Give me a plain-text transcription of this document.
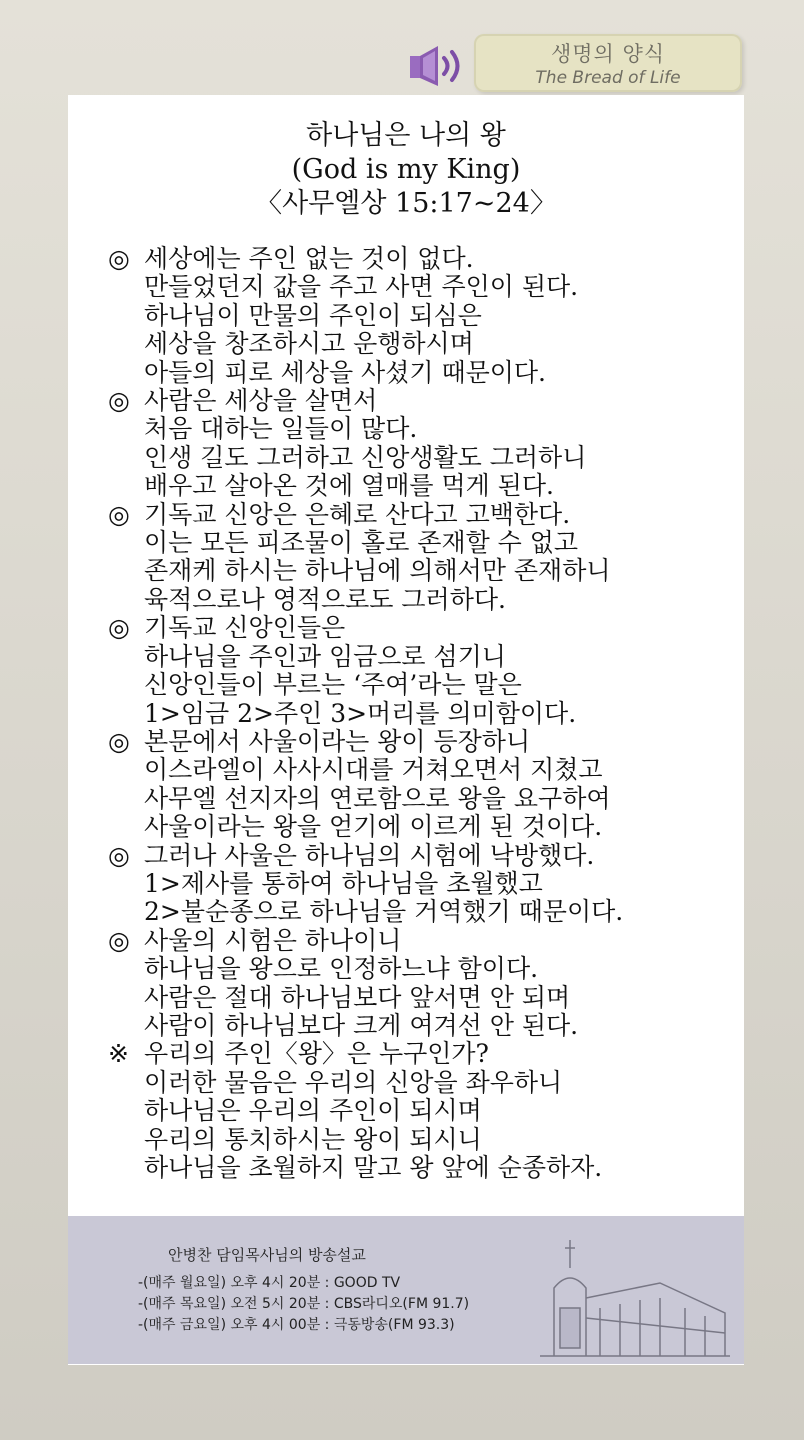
생명의 양식
The Bread of Life
하나님은 나의 왕
(God is my King)
〈사무엘상 15:17~24〉
◎ 세상에는 주인 없는 것이 없다.
만들었던지 값을 주고 사면 주인이 된다.
하나님이 만물의 주인이 되심은
세상을 창조하시고 운행하시며
아들의 피로 세상을 사셨기 때문이다.
◎ 사람은 세상을 살면서
처음 대하는 일들이 많다.
인생 길도 그러하고 신앙생활도 그러하니
배우고 살아온 것에 열매를 먹게 된다.
◎ 기독교 신앙은 은혜로 산다고 고백한다.
이는 모든 피조물이 홀로 존재할 수 없고
존재케 하시는 하나님에 의해서만 존재하니
육적으로나 영적으로도 그러하다.
◎ 기독교 신앙인들은
하나님을 주인과 임금으로 섬기니
신앙인들이 부르는 ‘주여’라는 말은
1>임금 2>주인 3>머리를 의미함이다.
◎ 본문에서 사울이라는 왕이 등장하니
이스라엘이 사사시대를 거쳐오면서 지쳤고
사무엘 선지자의 연로함으로 왕을 요구하여
사울이라는 왕을 얻기에 이르게 된 것이다.
◎ 그러나 사울은 하나님의 시험에 낙방했다.
1>제사를 통하여 하나님을 초월했고
2>불순종으로 하나님을 거역했기 때문이다.
◎ 사울의 시험은 하나이니
하나님을 왕으로 인정하느냐 함이다.
사람은 절대 하나님보다 앞서면 안 되며
사람이 하나님보다 크게 여겨선 안 된다.
※ 우리의 주인〈왕〉은 누구인가?
이러한 물음은 우리의 신앙을 좌우하니
하나님은 우리의 주인이 되시며
우리의 통치하시는 왕이 되시니
하나님을 초월하지 말고 왕 앞에 순종하자.
안병찬 담임목사님의 방송설교
-(매주 월요일) 오후 4시 20분 : GOOD TV
-(매주 목요일) 오전 5시 20분 : CBS라디오(FM 91.7)
-(매주 금요일) 오후 4시 00분 : 극동방송(FM 93.3)
